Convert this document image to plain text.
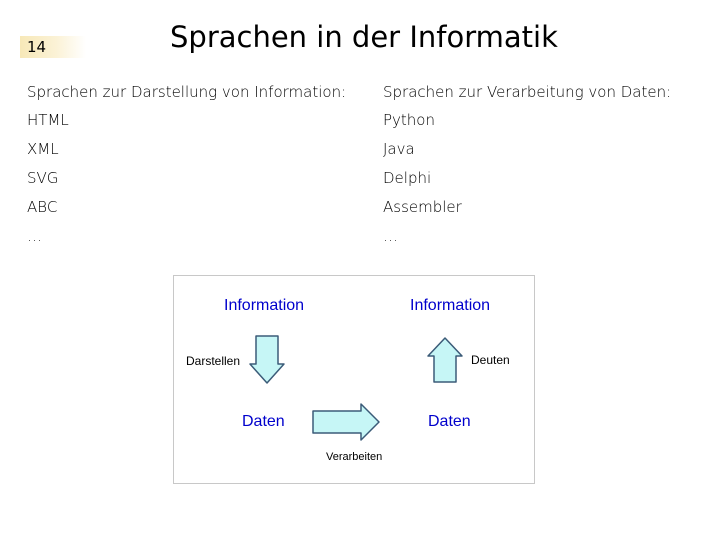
14	Sprachen in der Informatik
Sprachen zur Darstellung von Information:
HTML
XML
SVG
ABC
…
Sprachen zur Verarbeitung von Daten:
Python
Java
Delphi
Assembler
…
Information	Information
Darstellen	Deuten
Daten	Daten
Verarbeiten
